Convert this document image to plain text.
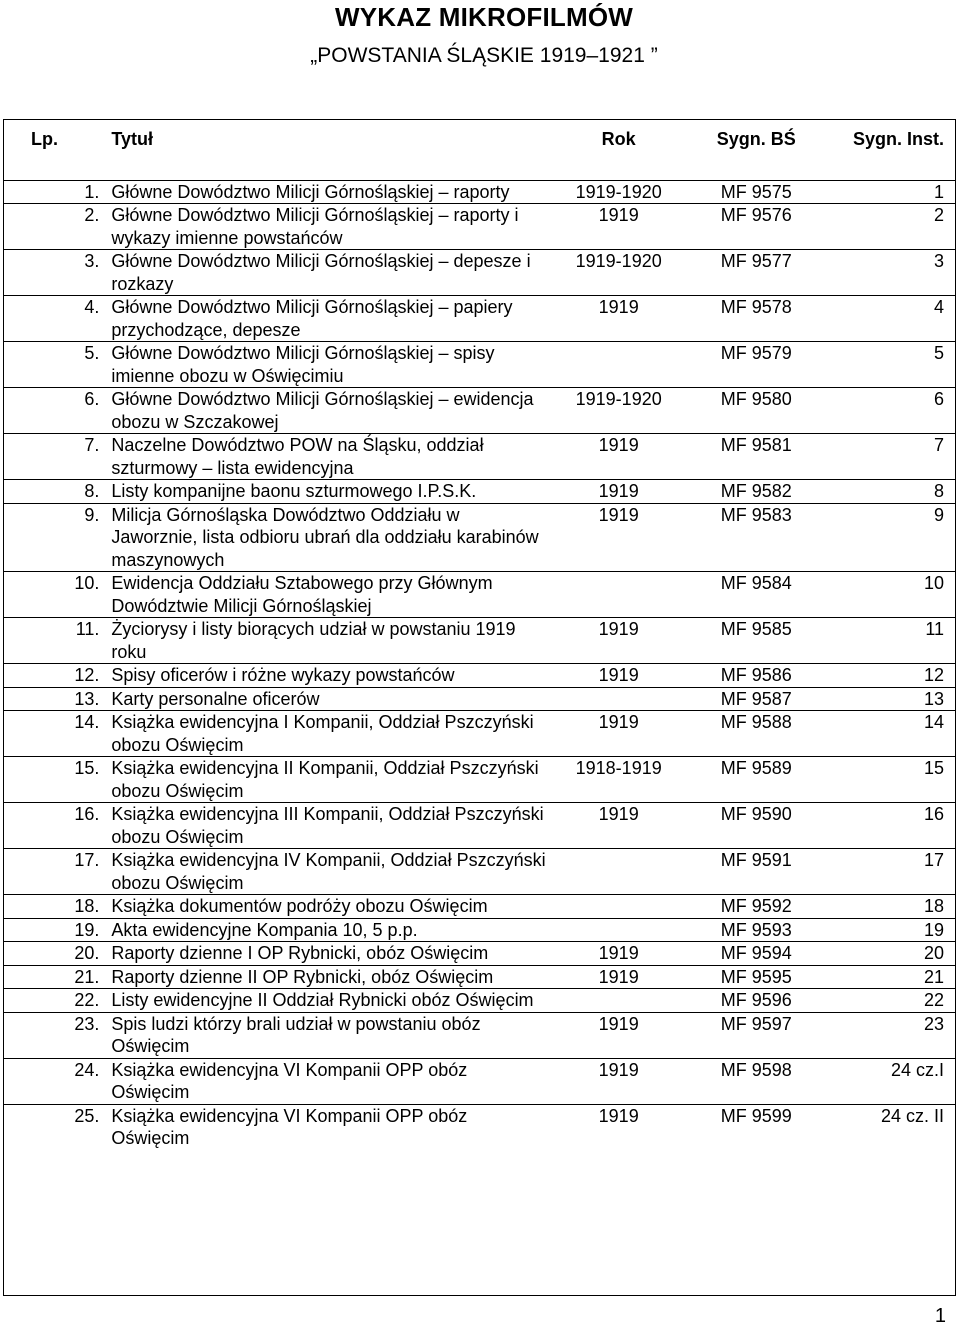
WYKAZ MIKROFILMÓW
„POWSTANIA ŚLĄSKIE 1919–1921 ”
Lp.	Tytuł	Rok	Sygn. BŚ	Sygn. Inst.
1.	Główne Dowództwo Milicji Górnośląskiej – raporty	1919-1920	MF 9575	1
2.	Główne Dowództwo Milicji Górnośląskiej – raporty i wykazy imienne powstańców	1919	MF 9576	2
3.	Główne Dowództwo Milicji Górnośląskiej – depesze i rozkazy	1919-1920	MF 9577	3
4.	Główne Dowództwo Milicji Górnośląskiej – papiery przychodzące, depesze	1919	MF 9578	4
5.	Główne Dowództwo Milicji Górnośląskiej – spisy imienne obozu w Oświęcimiu		MF 9579	5
6.	Główne Dowództwo Milicji Górnośląskiej – ewidencja obozu w Szczakowej	1919-1920	MF 9580	6
7.	Naczelne Dowództwo POW na Śląsku, oddział szturmowy – lista ewidencyjna	1919	MF 9581	7
8.	Listy kompanijne baonu szturmowego I.P.S.K.	1919	MF 9582	8
9.	Milicja Górnośląska Dowództwo Oddziału w Jaworznie, lista odbioru ubrań dla oddziału karabinów maszynowych	1919	MF 9583	9
10.	Ewidencja Oddziału Sztabowego przy Głównym Dowództwie Milicji Górnośląskiej		MF 9584	10
11.	Życiorysy i listy biorących udział w powstaniu 1919 roku	1919	MF 9585	11
12.	Spisy oficerów i różne wykazy powstańców	1919	MF 9586	12
13.	Karty personalne oficerów		MF 9587	13
14.	Książka ewidencyjna I Kompanii, Oddział Pszczyński obozu Oświęcim	1919	MF 9588	14
15.	Książka ewidencyjna II Kompanii, Oddział Pszczyński obozu Oświęcim	1918-1919	MF 9589	15
16.	Książka ewidencyjna III Kompanii, Oddział Pszczyński obozu Oświęcim	1919	MF 9590	16
17.	Książka ewidencyjna IV Kompanii, Oddział Pszczyński obozu Oświęcim		MF 9591	17
18.	Książka dokumentów podróży obozu Oświęcim		MF 9592	18
19.	Akta ewidencyjne Kompania 10, 5 p.p.		MF 9593	19
20.	Raporty dzienne I OP Rybnicki, obóz Oświęcim	1919	MF 9594	20
21.	Raporty dzienne II OP Rybnicki, obóz Oświęcim	1919	MF 9595	21
22.	Listy ewidencyjne II Oddział Rybnicki obóz Oświęcim		MF 9596	22
23.	Spis ludzi którzy brali udział w powstaniu obóz Oświęcim	1919	MF 9597	23
24.	Książka ewidencyjna VI Kompanii OPP obóz Oświęcim	1919	MF 9598	24 cz.I
25.	Książka ewidencyjna VI Kompanii OPP obóz Oświęcim	1919	MF 9599	24 cz. II
1
